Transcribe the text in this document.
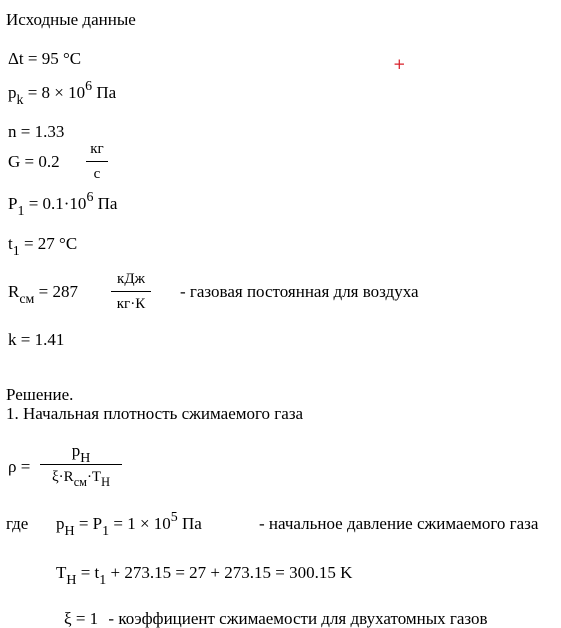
Исходные данные
Δt = 95 °C	+
$p_k = 8 \times 10^6$ Па
n = 1.33
G = 0.2
кг
с
$P_1 = 0.1\cdot 10^6$ Па
$t_1 = 27$ °C
$R_{см} = 287$
кДж
кг·К
- газовая постоянная для воздуха
k = 1.41
Решение.
1. Начальная плотность сжимаемого газа
ρ =
$p_H$
$\xi\cdot R_{см}\cdot T_H$
где $p_H = P_1 = 1 \times 10^5$ Па	- начальное давление сжимаемого газа
$T_H = t_1 + 273.15 = 27 + 273.15 = 300.15$ K
ξ = 1 - коэффициент сжимаемости для двухатомных газов
